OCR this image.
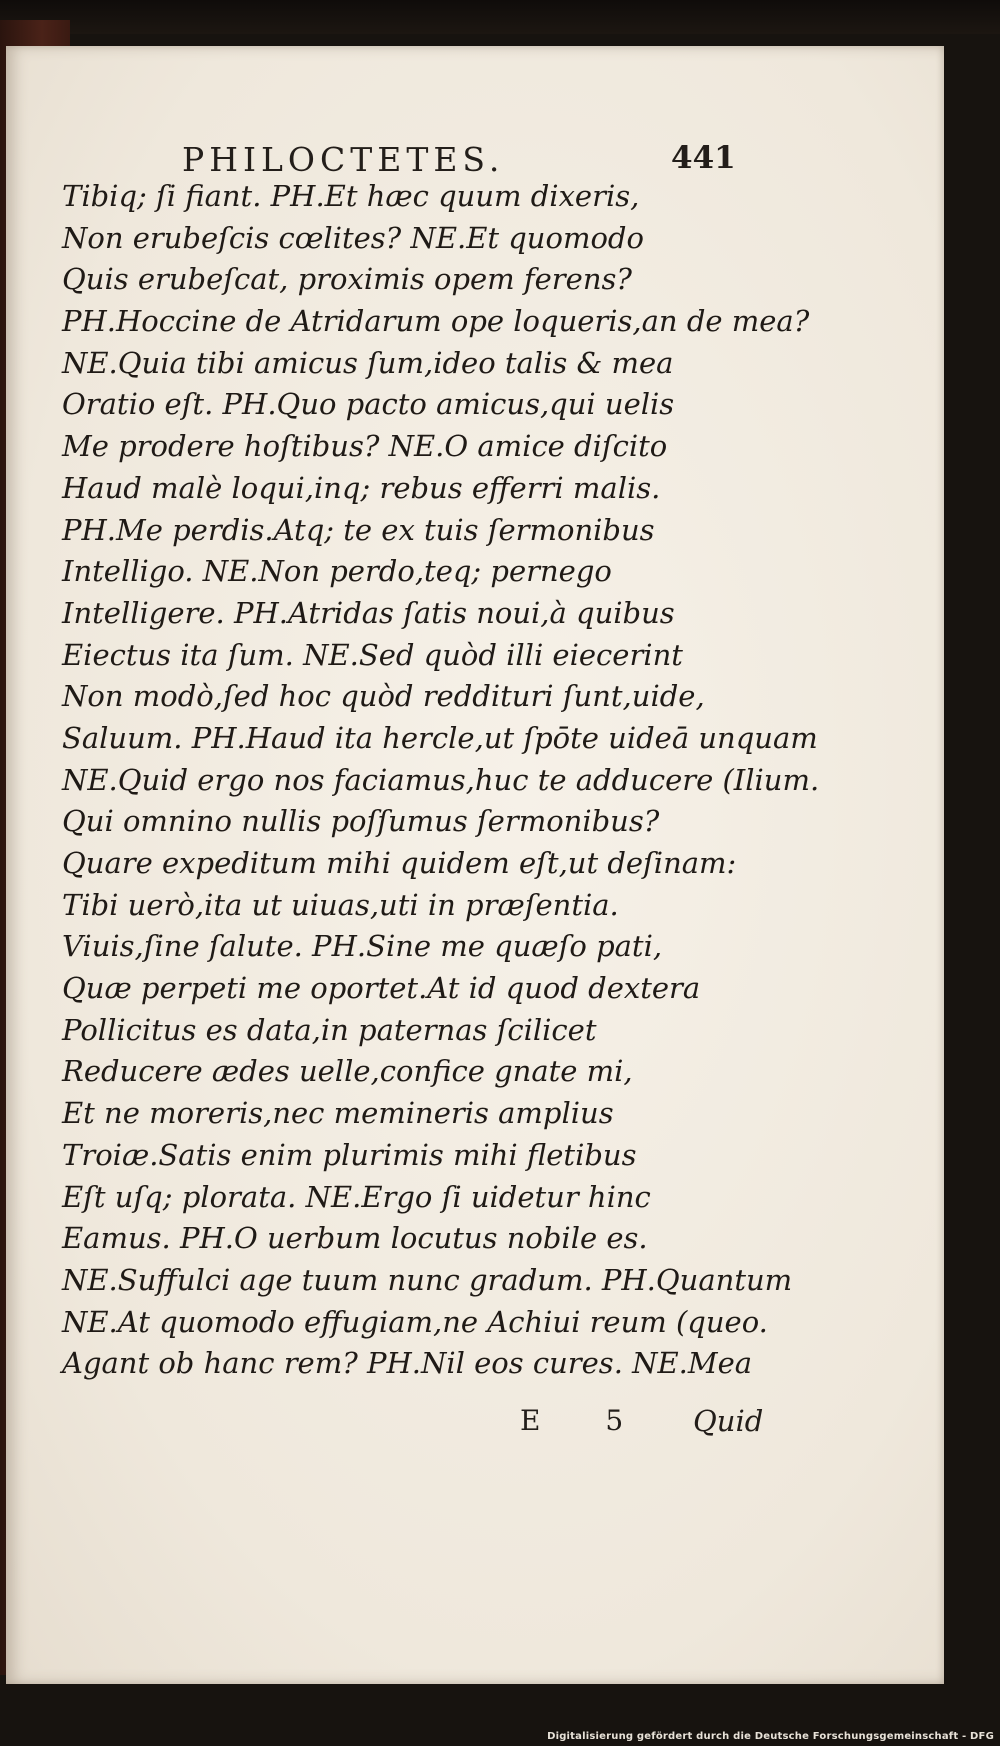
PHILOCTETES.	441
Tibiq; ſi fiant. PH.Et hæc quum dixeris,
Non erubeſcis cœlites? NE.Et quomodo
Quis erubeſcat, proximis opem ferens?
PH.Hoccine de Atridarum ope loqueris,an de mea?
NE.Quia tibi amicus ſum,ideo talis & mea
Oratio eſt. PH.Quo pacto amicus,qui uelis
Me prodere hoſtibus? NE.O amice diſcito
Haud malè loqui,inq; rebus efferri malis.
PH.Me perdis.Atq; te ex tuis ſermonibus
Intelligo. NE.Non perdo,teq; pernego
Intelligere. PH.Atridas ſatis noui,à quibus
Eiectus ita ſum. NE.Sed quòd illi eiecerint
Non modò,ſed hoc quòd reddituri ſunt,uide,
Saluum. PH.Haud ita hercle,ut ſpōte uideā unquam
NE.Quid ergo nos faciamus,huc te adducere (Ilium.
Qui omnino nullis poſſumus ſermonibus?
Quare expeditum mihi quidem eſt,ut deſinam:
Tibi uerò,ita ut uiuas,uti in præſentia.
Viuis,ſine ſalute. PH.Sine me quæſo pati,
Quæ perpeti me oportet.At id quod dextera
Pollicitus es data,in paternas ſcilicet
Reducere ædes uelle,confice gnate mi,
Et ne moreris,nec memineris amplius
Troiæ.Satis enim plurimis mihi fletibus
Eſt uſq; plorata. NE.Ergo ſi uidetur hinc
Eamus. PH.O uerbum locutus nobile es.
NE.Suffulci age tuum nunc gradum. PH.Quantum
NE.At quomodo effugiam,ne Achiui reum (queo.
Agant ob hanc rem? PH.Nil eos cures. NE.Mea
E 5 Quid
Digitalisierung gefördert durch die Deutsche Forschungsgemeinschaft - DFG
